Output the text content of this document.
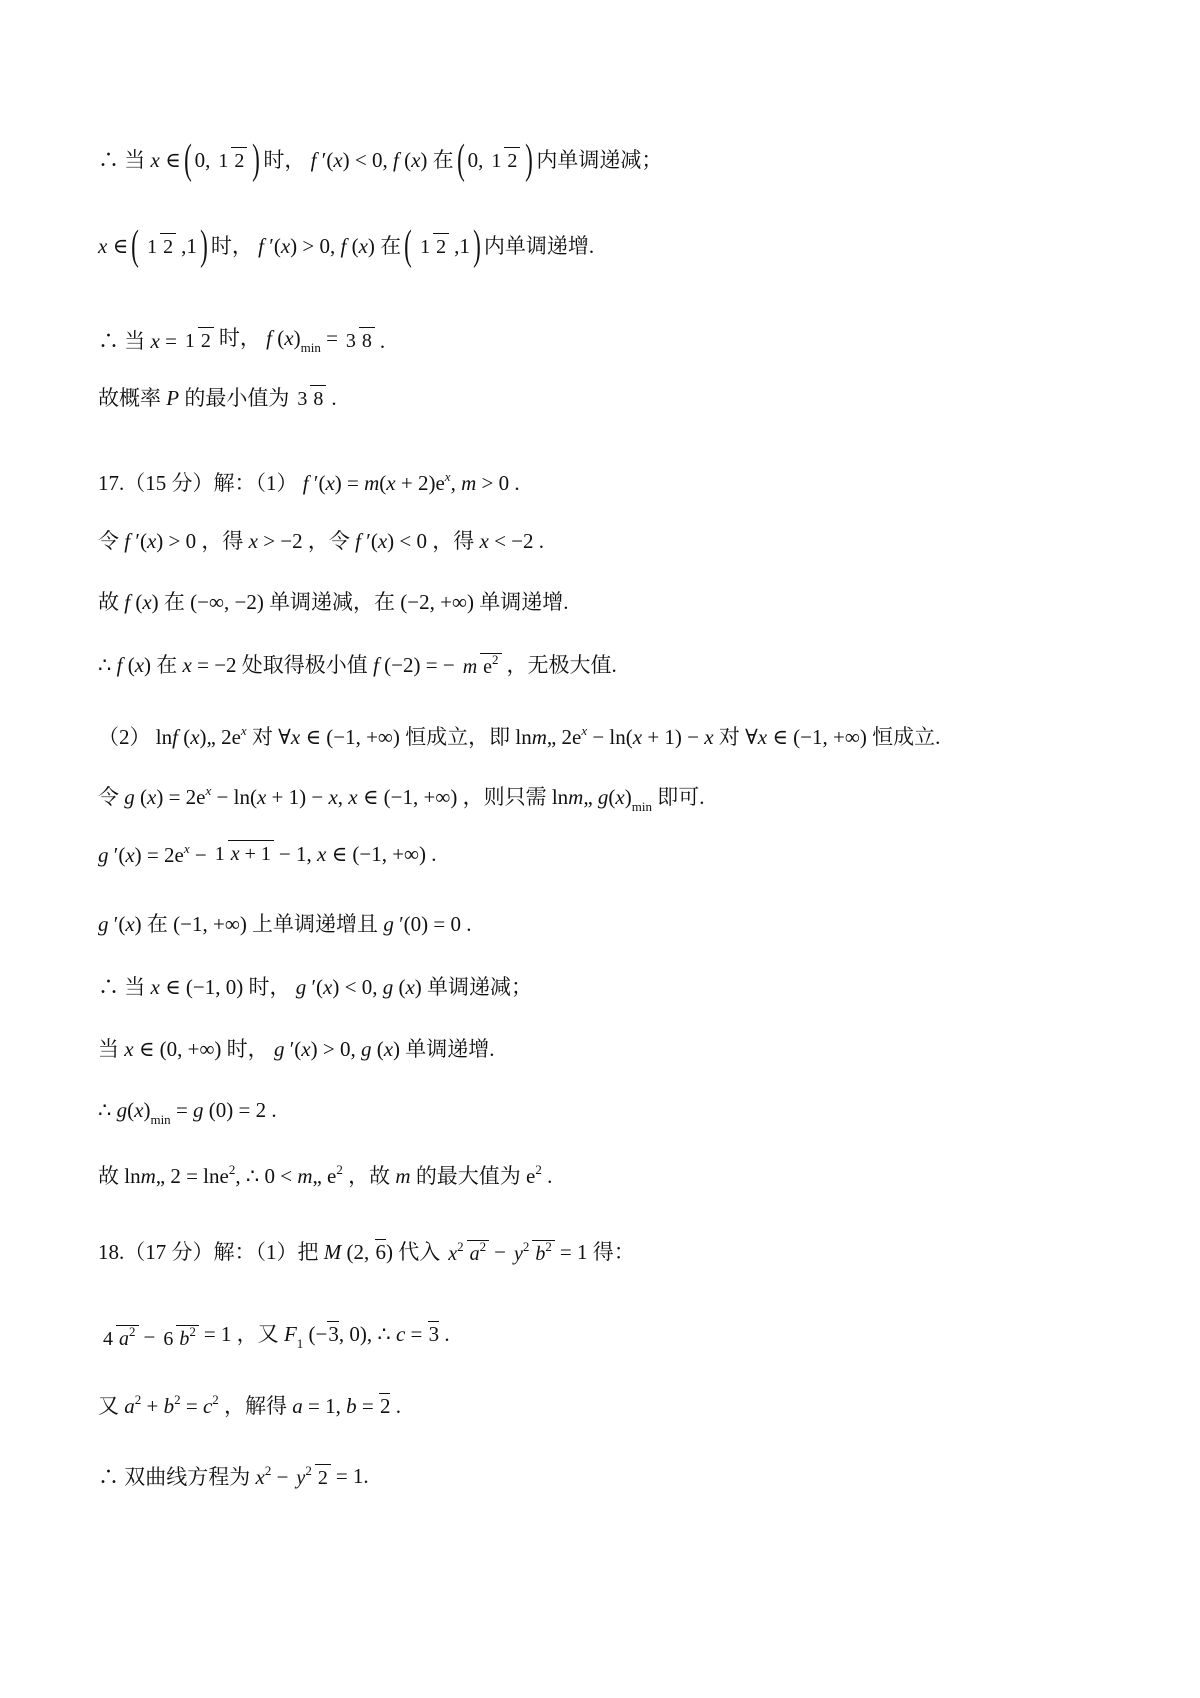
∴ 当 x ∈ ( 0, 1 2 ) 时， f ′(x) < 0, f (x) 在 ( 0, 1 2 ) 内单调递减；
x ∈ ( 1 2 ,1 ) 时， f ′(x) > 0, f (x) 在 ( 1 2 ,1 ) 内单调递增.
∴ 当 x = 1 2 时， f $(x)_{min} = 3$ 8 .
故概率 P 的最小值为 3 8 .
17.（15 分）解：（1） f $'(x) = m(x + 2)e^x$, m > 0 .
令 f ′(x) > 0 ，得 x > −2 ，令 f ′(x) < 0 ，得 x < −2 .
故 f (x) 在 (−∞, −2) 单调递减，在 (−2, +∞) 单调递增.
∴ f (x) 在 x = −2 处取得极小值 f (−2) = − m $e^2$ ，无极大值.
（2） lnf (x)„ $2e^x$ 对 ∀x ∈ (−1, +∞) 恒成立，即 lnm„ $2e^x - \ln(x + 1) - x$ 对 ∀x ∈ (−1, +∞) 恒成立.
令 g $(x) = 2e^x - \ln(x + 1) - x$, x ∈ (−1, +∞) ，则只需 lnm„ $g(x)_{min}$ 即可.
g $'(x) = 2e^x - 1$ x + 1 − 1, x ∈ (−1, +∞) .
g ′(x) 在 (−1, +∞) 上单调递增且 g ′(0) = 0 .
∴ 当 x ∈ (−1, 0) 时， g ′(x) < 0, g (x) 单调递减；
当 x ∈ (0, +∞) 时， g ′(x) > 0, g (x) 单调递增.
∴ $g(x)_{min} = g$ (0) = 2 .
故 lnm„ 2 = lne$^2$, ∴ 0 < m„ $e^2$ ，故 m 的最大值为 $e^2$ .
18.（17 分）解：（1）把 M (2, 6) 代入 $x^2$ $a^2 - y^2$ $b^2 = 1$ 得：
4 $a^2 - 6$ $b^2 = 1$ ，又 $F_1$ (−3, 0), ∴ c = 3 .
又 $a^2 + b^2 = c^2$ ，解得 a = 1, b = 2 .
∴ 双曲线方程为 $x^2 - y^2$ 2 = 1.
